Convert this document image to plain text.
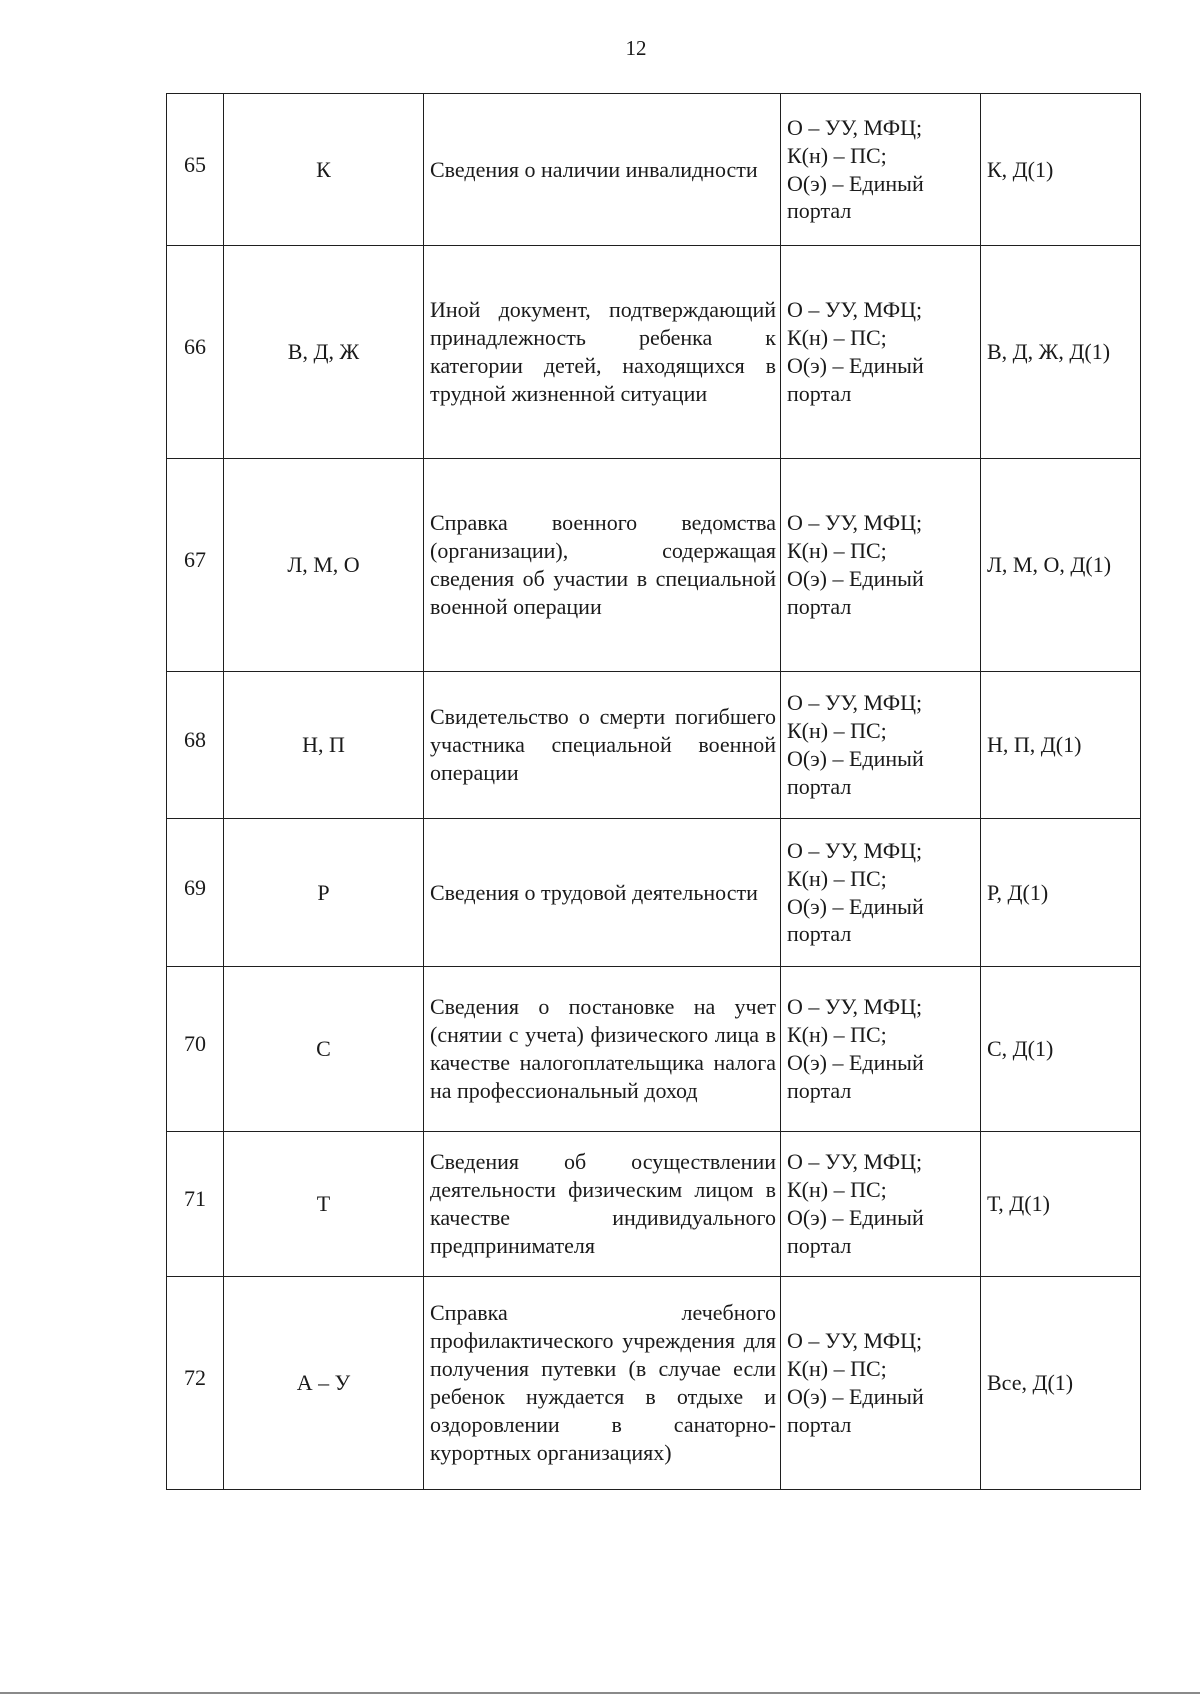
12
65	К	Сведения о наличии инвалидности	О – УУ, МФЦ;
К(н) – ПС;
О(э) – Единый
портал	К, Д(1)
66	В, Д, Ж	Иной документ, подтверждающий принадлежность ребенка к категории детей, находящихся в трудной жизненной ситуации	О – УУ, МФЦ;
К(н) – ПС;
О(э) – Единый
портал	В, Д, Ж, Д(1)
67	Л, М, О	Справка военного ведомства (организации), содержащая сведения об участии в специальной военной операции	О – УУ, МФЦ;
К(н) – ПС;
О(э) – Единый
портал	Л, М, О, Д(1)
68	Н, П	Свидетельство о смерти погибшего участника специальной военной операции	О – УУ, МФЦ;
К(н) – ПС;
О(э) – Единый
портал	Н, П, Д(1)
69	Р	Сведения о трудовой деятельности	О – УУ, МФЦ;
К(н) – ПС;
О(э) – Единый
портал	Р, Д(1)
70	С	Сведения о постановке на учет (снятии с учета) физического лица в качестве налогоплательщика налога на профессиональный доход	О – УУ, МФЦ;
К(н) – ПС;
О(э) – Единый
портал	С, Д(1)
71	Т	Сведения об осуществлении деятельности физическим лицом в качестве индивидуального предпринимателя	О – УУ, МФЦ;
К(н) – ПС;
О(э) – Единый
портал	Т, Д(1)
72	А – У	Справка лечебного профилактического учреждения для получения путевки (в случае если ребенок нуждается в отдыхе и оздоровлении в санаторно-курортных организациях)	О – УУ, МФЦ;
К(н) – ПС;
О(э) – Единый
портал	Все, Д(1)
